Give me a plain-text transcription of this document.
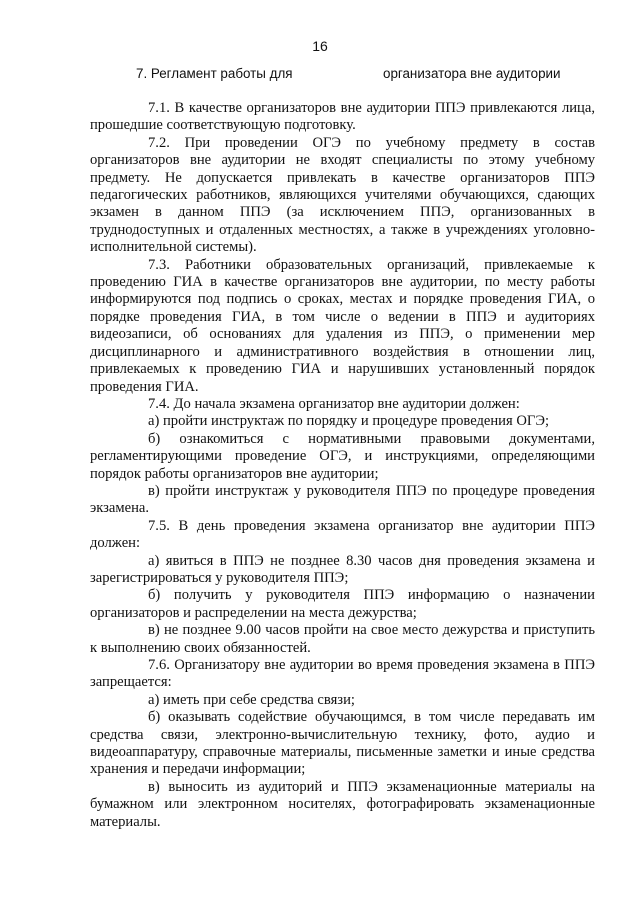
16
7. Регламент работы для	организатора вне аудитории

7.1. В качестве организаторов вне аудитории ППЭ привлекаются лица, прошедшие соответствующую подготовку.

7.2. При проведении ОГЭ по учебному предмету в состав организаторов вне аудитории не входят специалисты по этому учебному предмету. Не допускается привлекать в качестве организаторов ППЭ педагогических работников, являющихся учителями обучающихся, сдающих экзамен в данном ППЭ (за исключением ППЭ, организованных в труднодоступных и отдаленных местностях, а также в учреждениях уголовно-исполнительной системы).

7.3. Работники образовательных организаций, привлекаемые к проведению ГИА в качестве организаторов вне аудитории, по месту работы информируются под подпись о сроках, местах и порядке проведения ГИА, о порядке проведения ГИА, в том числе о ведении в ППЭ и аудиториях видеозаписи, об основаниях для удаления из ППЭ, о применении мер дисциплинарного и административного воздействия в отношении лиц, привлекаемых к проведению ГИА и нарушивших установленный порядок проведения ГИА.

7.4. До начала экзамена организатор вне аудитории должен:

а) пройти инструктаж по порядку и процедуре проведения ОГЭ;

б) ознакомиться с нормативными правовыми документами, регламентирующими проведение ОГЭ, и инструкциями, определяющими порядок работы организаторов вне аудитории;

в) пройти инструктаж у руководителя ППЭ по процедуре проведения экзамена.

7.5. В день проведения экзамена организатор вне аудитории ППЭ должен:

а) явиться в ППЭ не позднее 8.30 часов дня проведения экзамена и зарегистрироваться у руководителя ППЭ;

б) получить у руководителя ППЭ информацию о назначении организаторов и распределении на места дежурства;

в) не позднее 9.00 часов пройти на свое место дежурства и приступить к выполнению своих обязанностей.

7.6. Организатору вне аудитории во время проведения экзамена в ППЭ запрещается:

а) иметь при себе средства связи;

б) оказывать содействие обучающимся, в том числе передавать им средства связи, электронно-вычислительную технику, фото, аудио и видеоаппаратуру, справочные материалы, письменные заметки и иные средства хранения и передачи информации;

в) выносить из аудиторий и ППЭ экзаменационные материалы на бумажном или электронном носителях, фотографировать экзаменационные материалы.
